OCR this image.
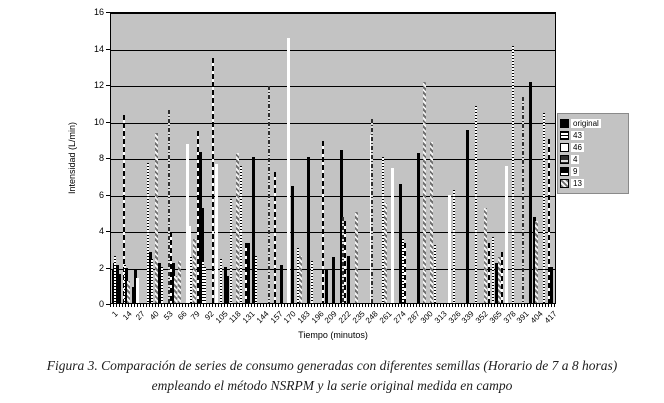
Intensidad (L/min)
Tiempo (minutos)
original
43
46
4
9
13
Figura 3. Comparación de series de consumo generadas con diferentes semillas (Horario de 7 a 8 horas)
empleando el método NSRPM y la serie original medida en campo
0
2
4
6
8
10
12
14
16
1 14 27 40 53 66 79 92
105
118
131
144
157
170
183
196
209
222
235
248
261
274
287
300
313
326
339
352
365
378
391
404
417
